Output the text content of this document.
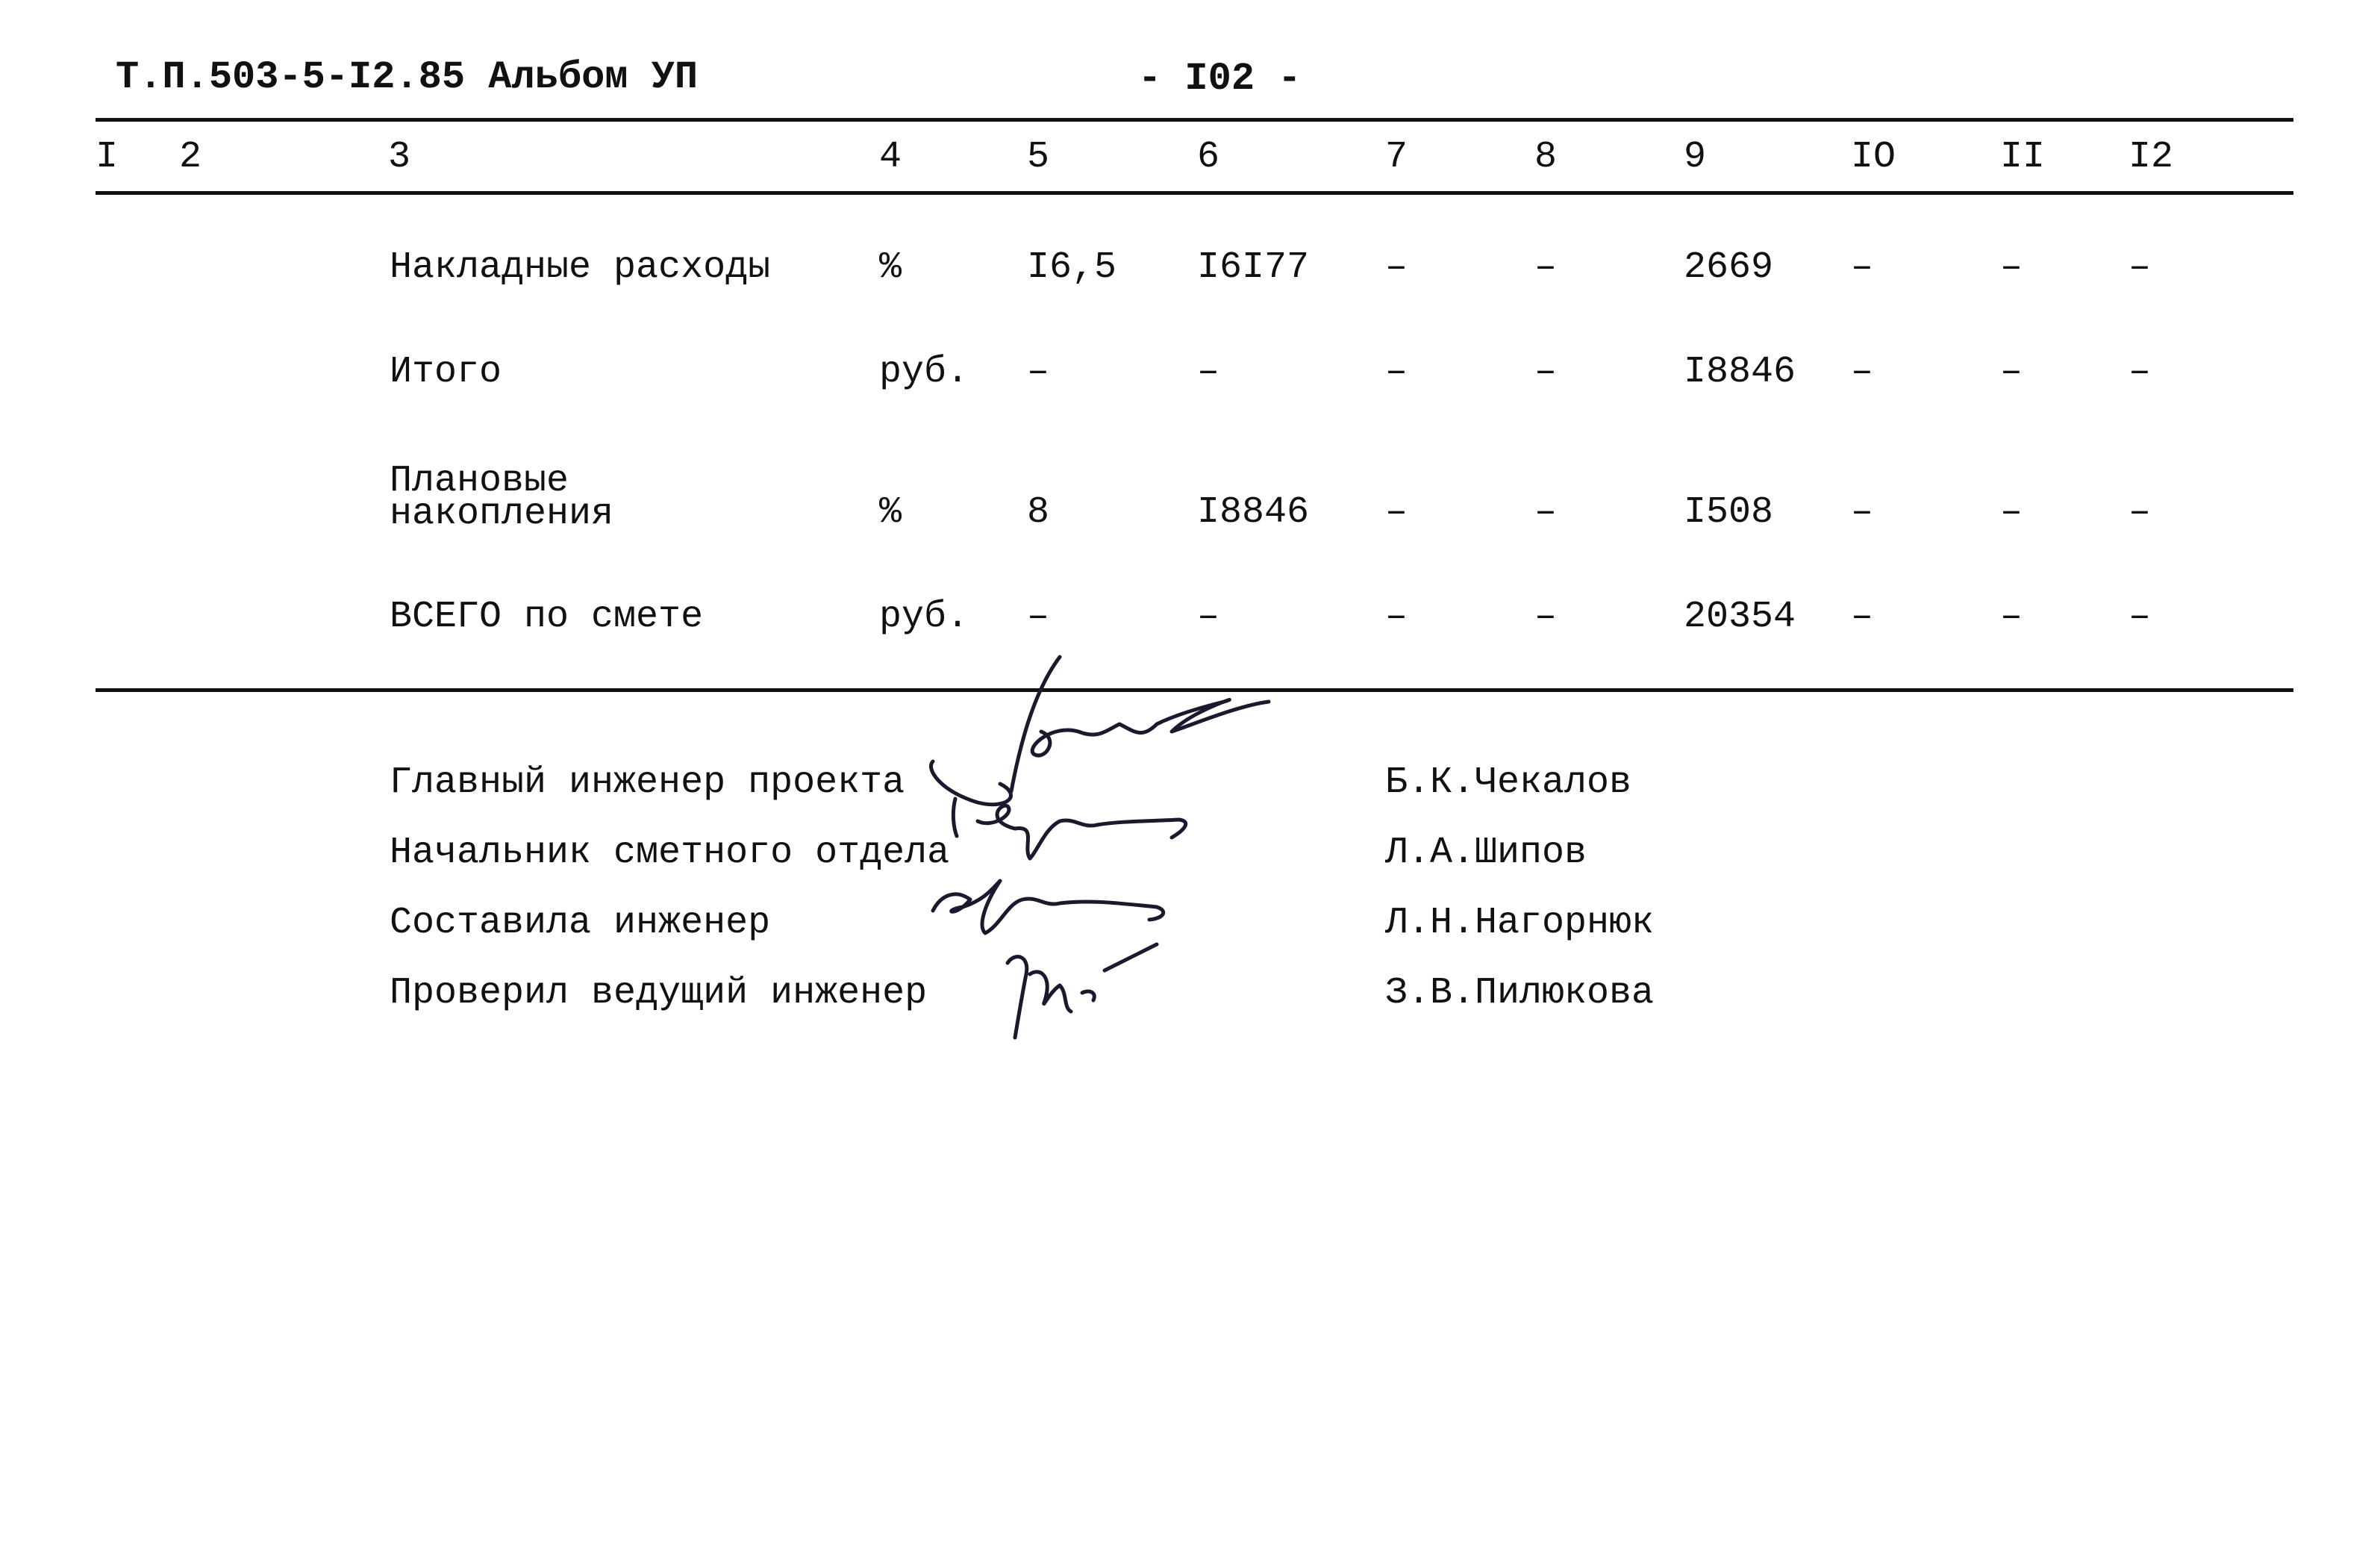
Т.П.503-5-I2.85 Альбом УП	- I02 -
I 2	3	4	5	6	7	8	9	IO	II I2
Накладные расходы	%	I6,5 I6I77 –	–	2669 –	–	–
Итого	руб. –	–	–	–	I8846 –	–	–
Плановые
накопления	%	8	I8846 –	–	I508 –	–	–
ВСЕГО по смете	руб. –	–	–	–	20354 –	–	–
Главный инженер проекта	Б.К.Чекалов
Начальник сметного отдела	Л.А.Шипов
Составила инженер	Л.Н.Нагорнюк
Проверил ведущий инженер	З.В.Пилюкова
